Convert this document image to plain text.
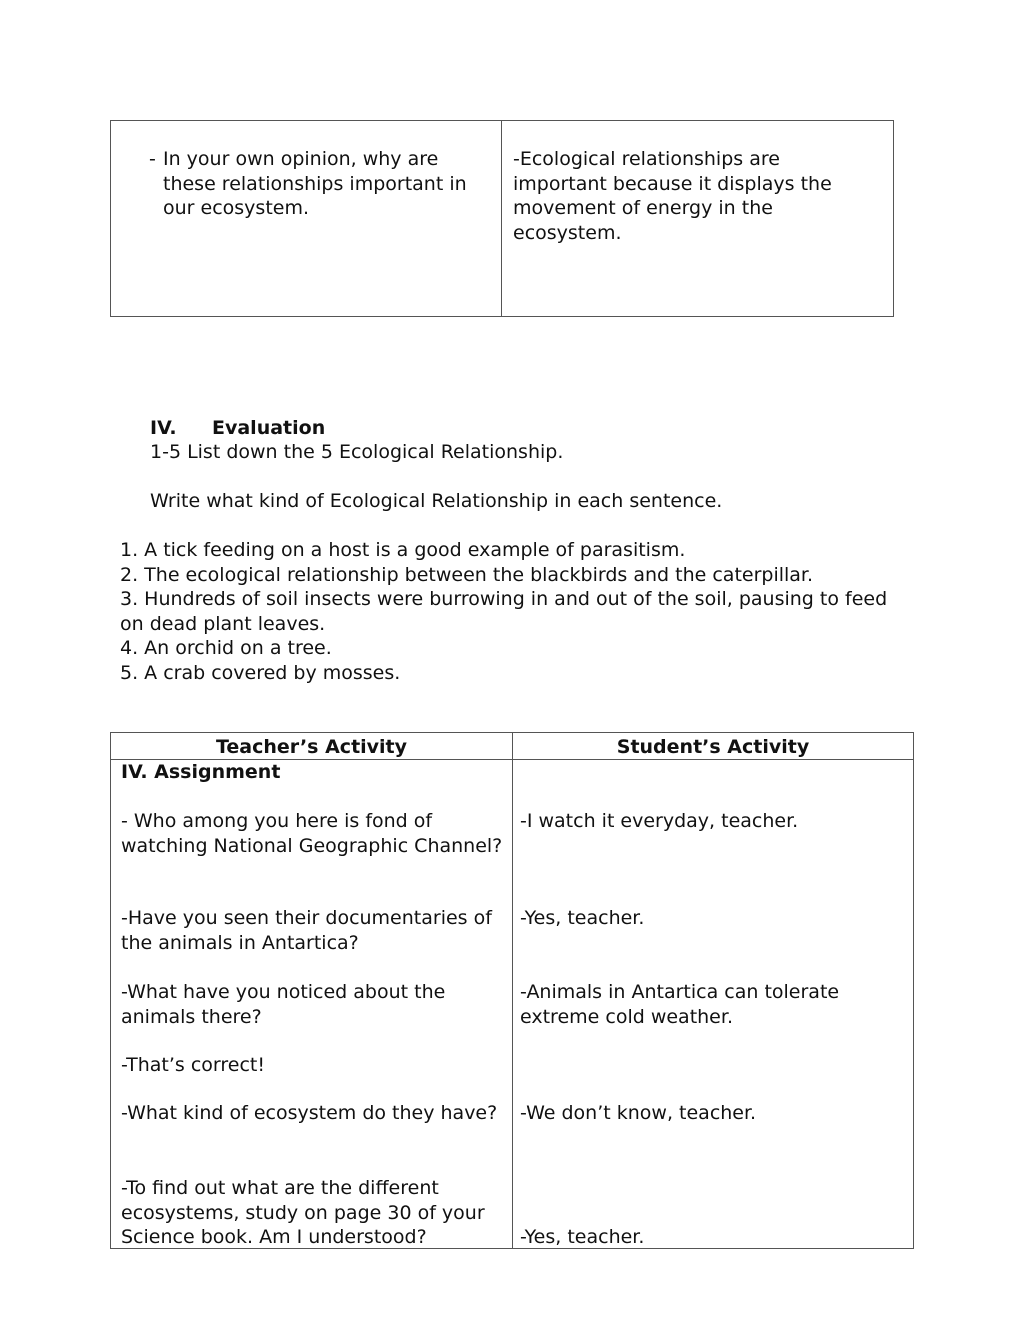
- In your own opinion, why are these relationships important in our ecosystem.
-Ecological relationships are important because it displays the movement of energy in the ecosystem.
IV. Evaluation
1-5 List down the 5 Ecological Relationship.
Write what kind of Ecological Relationship in each sentence.
1. A tick feeding on a host is a good example of parasitism.
2. The ecological relationship between the blackbirds and the caterpillar.
3. Hundreds of soil insects were burrowing in and out of the soil, pausing to feed on dead plant leaves.
4. An orchid on a tree.
5. A crab covered by mosses.
Teacher’s Activity	Student’s Activity
IV. Assignment
- Who among you here is fond of watching National Geographic Channel?
-Have you seen their documentaries of the animals in Antartica?
-What have you noticed about the animals there?
-That’s correct!
-What kind of ecosystem do they have?
-To find out what are the different ecosystems, study on page 30 of your Science book. Am I understood?
-I watch it everyday, teacher.
-Yes, teacher.
-Animals in Antartica can tolerate extreme cold weather.
-We don’t know, teacher.
-Yes, teacher.
